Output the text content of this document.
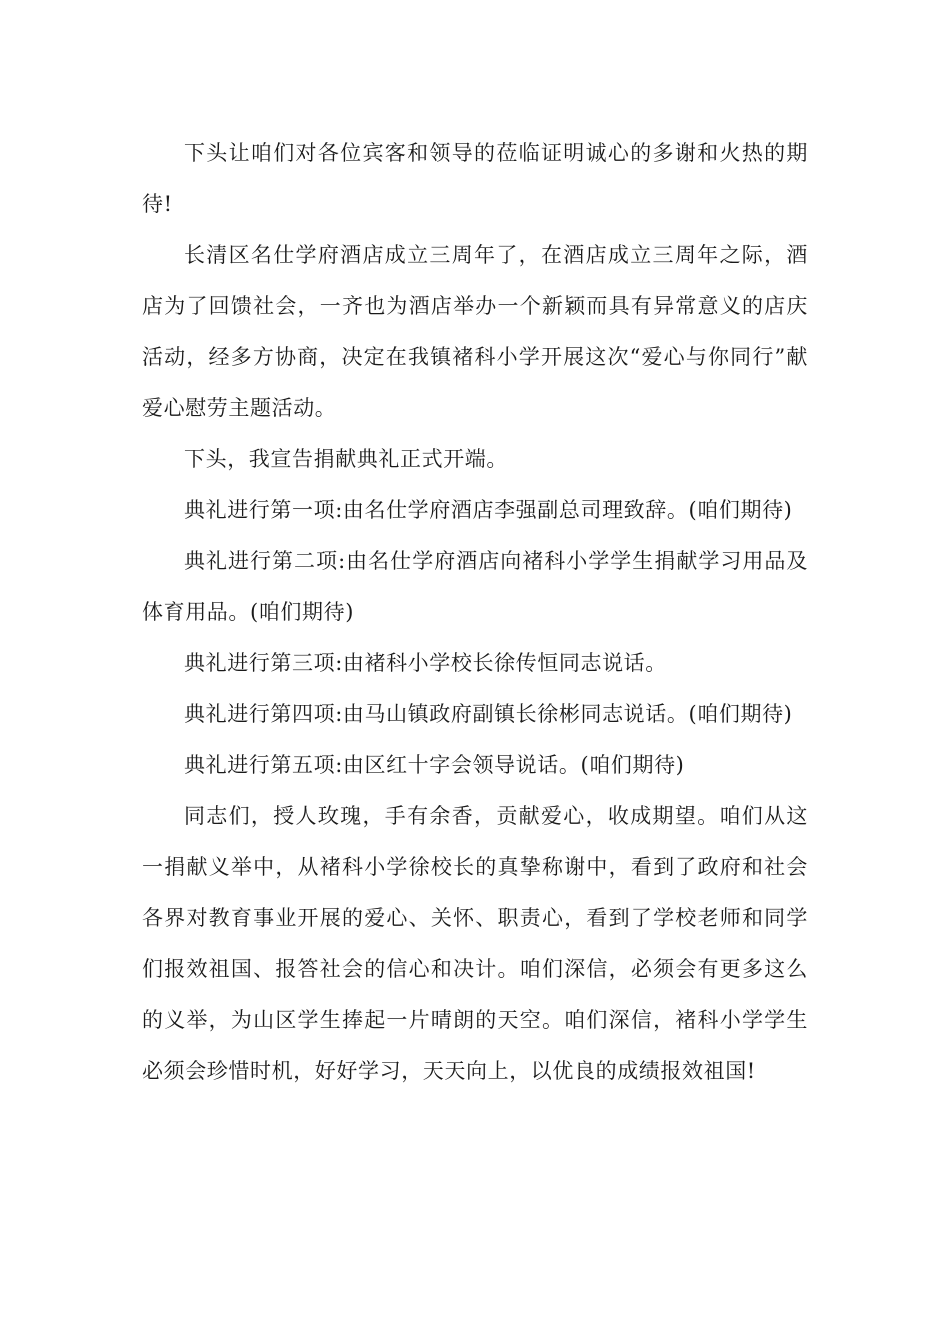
下头让咱们对各位宾客和领导的莅临证明诚心的多谢和火热的期待!

长清区名仕学府酒店成立三周年了，在酒店成立三周年之际，酒店为了回馈社会，一齐也为酒店举办一个新颖而具有异常意义的店庆活动，经多方协商，决定在我镇褚科小学开展这次“爱心与你同行”献爱心慰劳主题活动。

下头，我宣告捐献典礼正式开端。

典礼进行第一项:由名仕学府酒店李强副总司理致辞。(咱们期待)

典礼进行第二项:由名仕学府酒店向褚科小学学生捐献学习用品及体育用品。(咱们期待)

典礼进行第三项:由褚科小学校长徐传恒同志说话。

典礼进行第四项:由马山镇政府副镇长徐彬同志说话。(咱们期待)

典礼进行第五项:由区红十字会领导说话。(咱们期待)

同志们，授人玫瑰，手有余香，贡献爱心，收成期望。咱们从这一捐献义举中，从褚科小学徐校长的真挚称谢中，看到了政府和社会各界对教育事业开展的爱心、关怀、职责心，看到了学校老师和同学们报效祖国、报答社会的信心和决计。咱们深信，必须会有更多这么的义举，为山区学生捧起一片晴朗的天空。咱们深信，褚科小学学生必须会珍惜时机，好好学习，天天向上，以优良的成绩报效祖国!
